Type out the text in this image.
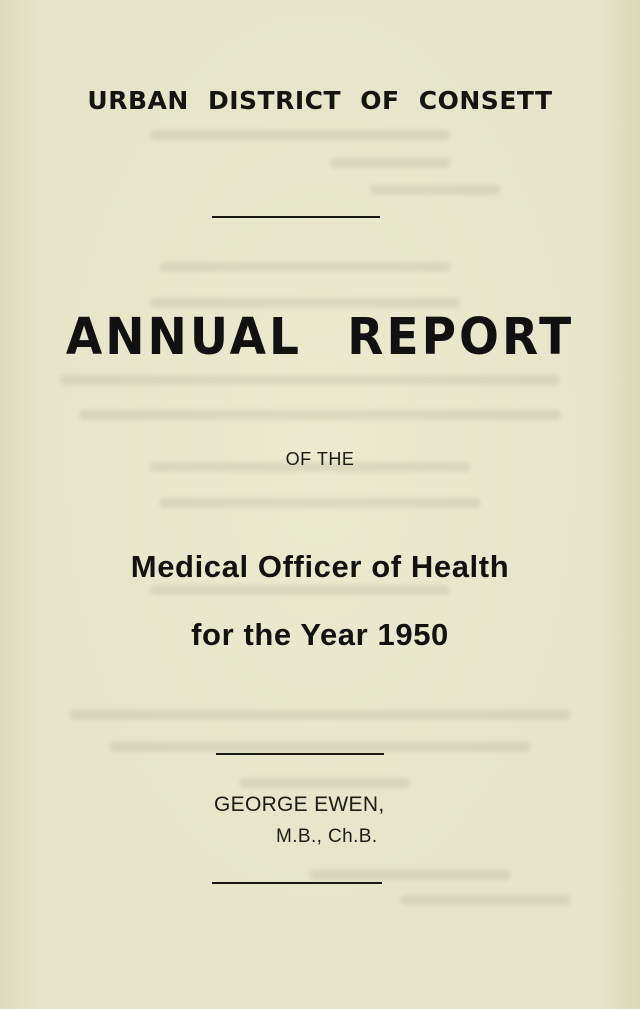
URBAN DISTRICT OF CONSETT
ANNUAL REPORT
OF THE
Medical Officer of Health
for the Year 1950
GEORGE EWEN,
M.B., Ch.B.
